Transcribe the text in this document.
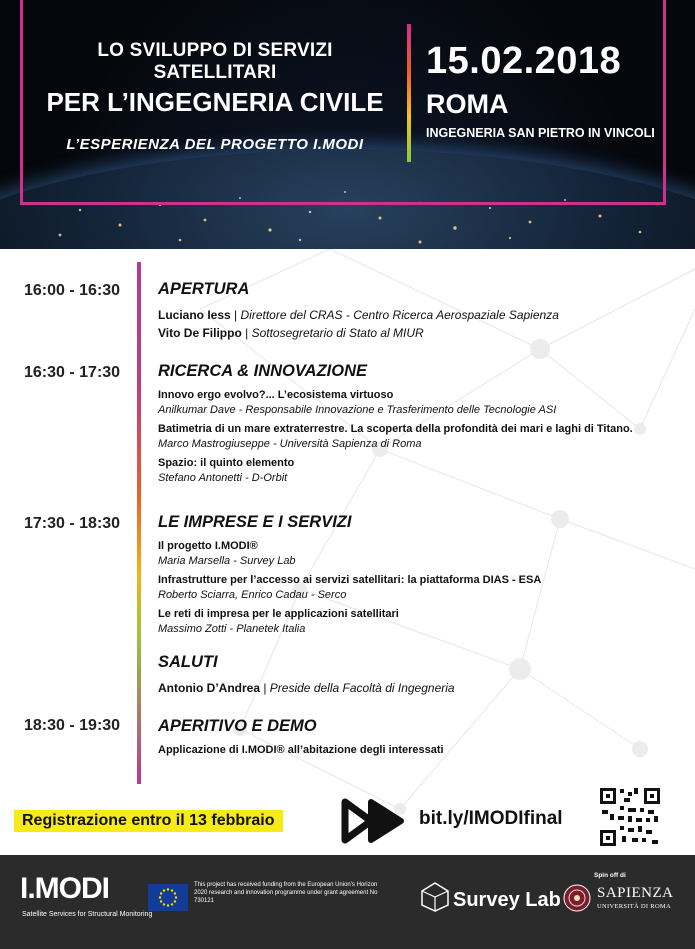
LO SVILUPPO DI SERVIZI SATELLITARI
PER L’INGEGNERIA CIVILE
L’ESPERIENZA DEL PROGETTO I.MODI
15.02.2018
ROMA
INGEGNERIA SAN PIETRO IN VINCOLI
16:00 - 16:30 APERTURA
Luciano Iess | Direttore del CRAS - Centro Ricerca Aerospaziale Sapienza
Vito De Filippo | Sottosegretario di Stato al MIUR
16:30 - 17:30 RICERCA & INNOVAZIONE
Innovo ergo evolvo?... L’ecosistema virtuoso
Anilkumar Dave - Responsabile Innovazione e Trasferimento delle Tecnologie ASI
Batimetria di un mare extraterrestre. La scoperta della profondità dei mari e laghi di Titano.
Marco Mastrogiuseppe - Università Sapienza di Roma
Spazio: il quinto elemento
Stefano Antonetti - D-Orbit
17:30 - 18:30 LE IMPRESE E I SERVIZI
Il progetto I.MODI®
Maria Marsella - Survey Lab
Infrastrutture per l’accesso ai servizi satellitari: la piattaforma DIAS - ESA
Roberto Sciarra, Enrico Cadau - Serco
Le reti di impresa per le applicazioni satellitari
Massimo Zotti - Planetek Italia
SALUTI
Antonio D’Andrea | Preside della Facoltà di Ingegneria
18:30 - 19:30 APERITIVO E DEMO
Applicazione di I.MODI® all’abitazione degli interessati
Registrazione entro il 13 febbraio	bit.ly/IMODIfinal
I.MODI
Satellite Services for Structural Monitoring
This project has received funding from the European Union's Horizon 2020 research and innovation programme under grant agreement No 730121	Survey Lab
Spin off di
SAPIENZA
UNIVERSITÀ DI ROMA
